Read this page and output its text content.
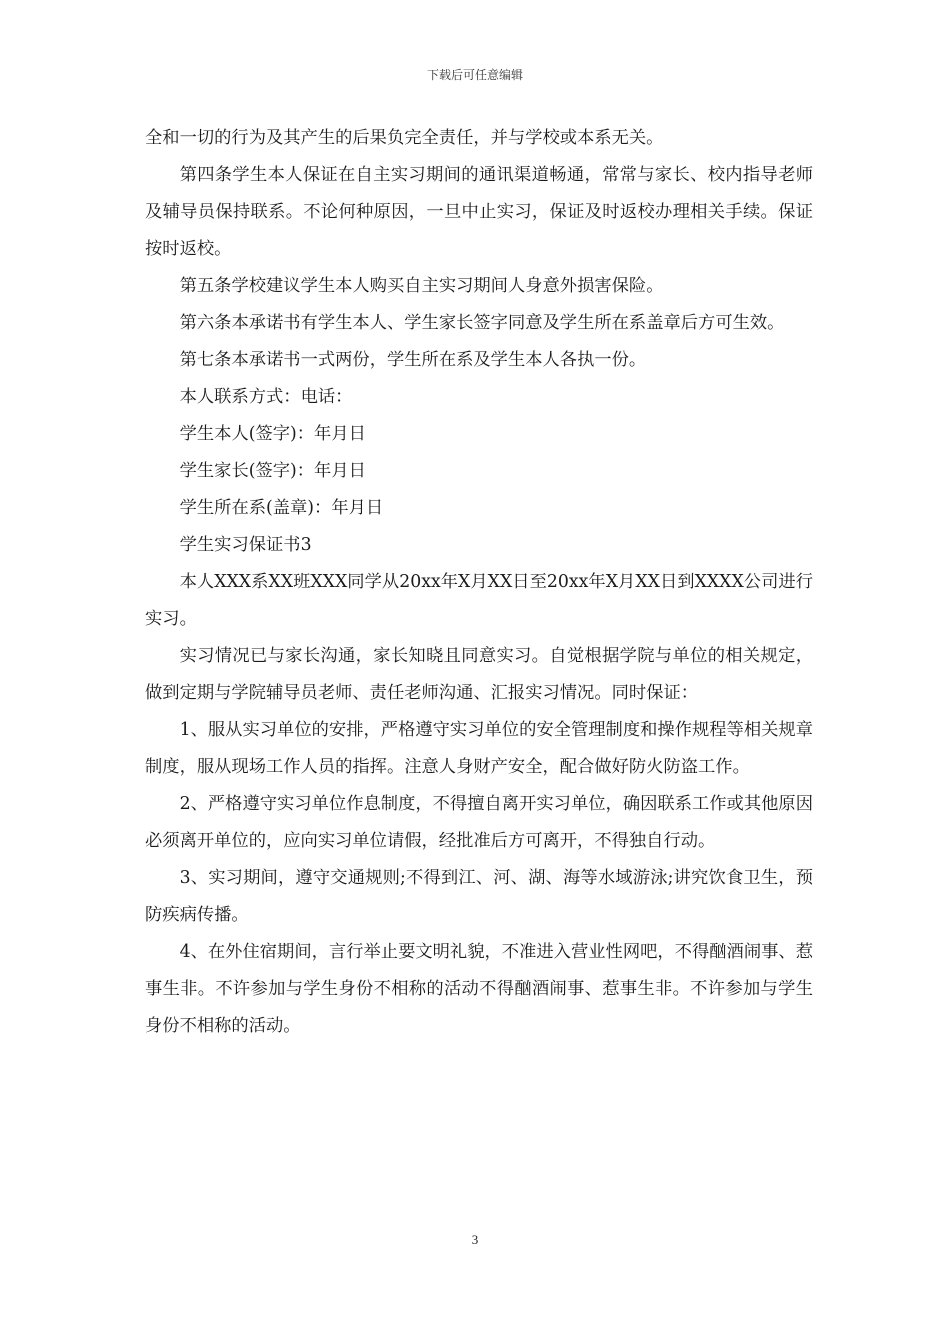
下载后可任意编辑

全和一切的行为及其产生的后果负完全责任，并与学校或本系无关。

第四条学生本人保证在自主实习期间的通讯渠道畅通，常常与家长、校内指导老师及辅导员保持联系。不论何种原因，一旦中止实习，保证及时返校办理相关手续。保证按时返校。

第五条学校建议学生本人购买自主实习期间人身意外损害保险。

第六条本承诺书有学生本人、学生家长签字同意及学生所在系盖章后方可生效。

第七条本承诺书一式两份，学生所在系及学生本人各执一份。

本人联系方式：电话：

学生本人(签字)：年月日

学生家长(签字)：年月日

学生所在系(盖章)：年月日

学生实习保证书3

本人XXX系XX班XXX同学从20xx年X月XX日至20xx年X月XX日到XXXX公司进行实习。

实习情况已与家长沟通，家长知晓且同意实习。自觉根据学院与单位的相关规定，做到定期与学院辅导员老师、责任老师沟通、汇报实习情况。同时保证：

1、服从实习单位的安排，严格遵守实习单位的安全管理制度和操作规程等相关规章制度，服从现场工作人员的指挥。注意人身财产安全，配合做好防火防盗工作。

2、严格遵守实习单位作息制度，不得擅自离开实习单位，确因联系工作或其他原因必须离开单位的，应向实习单位请假，经批准后方可离开，不得独自行动。

3、实习期间，遵守交通规则;不得到江、河、湖、海等水域游泳;讲究饮食卫生，预防疾病传播。

4、在外住宿期间，言行举止要文明礼貌，不准进入营业性网吧，不得酗酒闹事、惹事生非。不许参加与学生身份不相称的活动不得酗酒闹事、惹事生非。不许参加与学生身份不相称的活动。

3
